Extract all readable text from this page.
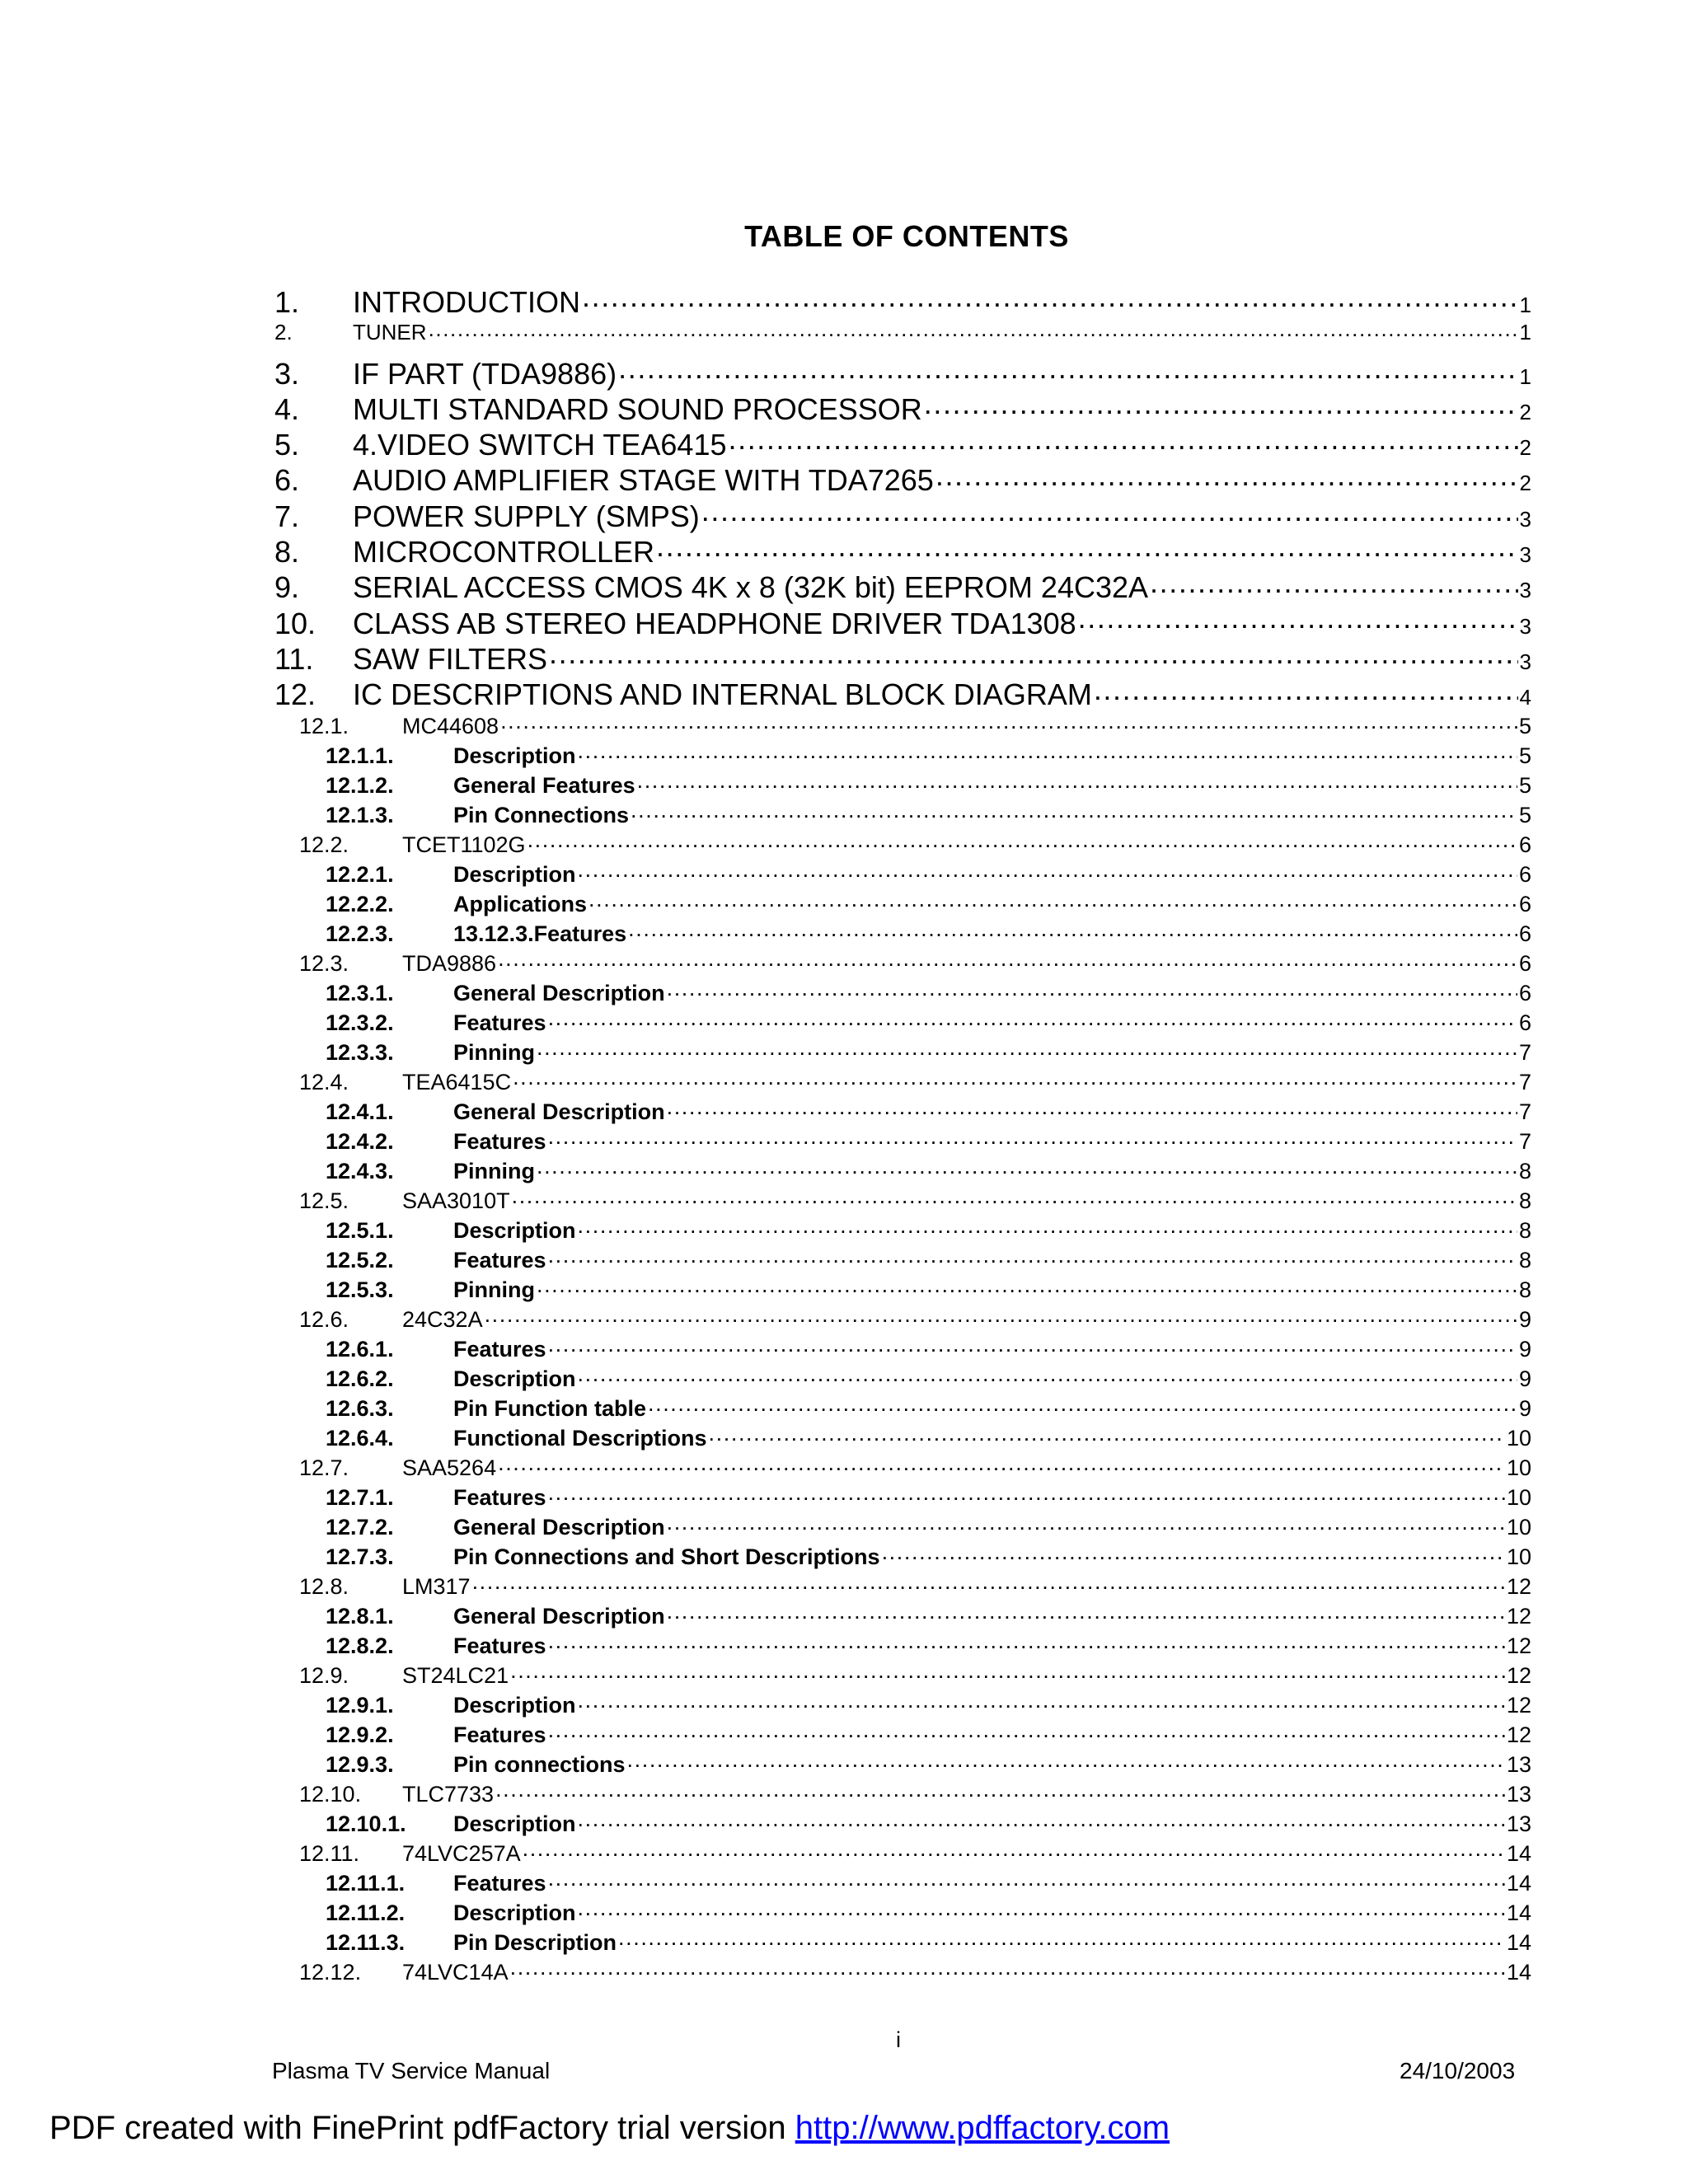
TABLE OF CONTENTS
1.	INTRODUCTION .....	1
2.	TUNER .....	1
3.	IF PART (TDA9886) .....	1
4.	MULTI STANDARD SOUND PROCESSOR .....	2
5.	4.VIDEO SWITCH TEA6415 .....	2
6.	AUDIO AMPLIFIER STAGE WITH TDA7265 .....	2
7.	POWER SUPPLY (SMPS) .....	3
8.	MICROCONTROLLER .....	3
9.	SERIAL ACCESS CMOS 4K x 8 (32K bit) EEPROM 24C32A .....	3
10.	CLASS AB STEREO HEADPHONE DRIVER TDA1308 .....	3
11.	SAW FILTERS .....	3
12.	IC DESCRIPTIONS AND INTERNAL BLOCK DIAGRAM .....	4
12.1.	MC44608 .....	5
12.1.1.	Description .....	5
12.1.2.	General Features .....	5
12.1.3.	Pin Connections .....	5
12.2.	TCET1102G .....	6
12.2.1.	Description .....	6
12.2.2.	Applications .....	6
12.2.3.	13.12.3.Features .....	6
12.3.	TDA9886 .....	6
12.3.1.	General Description .....	6
12.3.2.	Features .....	6
12.3.3.	Pinning .....	7
12.4.	TEA6415C .....	7
12.4.1.	General Description .....	7
12.4.2.	Features .....	7
12.4.3.	Pinning .....	8
12.5.	SAA3010T .....	8
12.5.1.	Description .....	8
12.5.2.	Features .....	8
12.5.3.	Pinning .....	8
12.6.	24C32A .....	9
12.6.1.	Features .....	9
12.6.2.	Description .....	9
12.6.3.	Pin Function table .....	9
12.6.4.	Functional Descriptions .....	10
12.7.	SAA5264 .....	10
12.7.1.	Features .....	10
12.7.2.	General Description .....	10
12.7.3.	Pin Connections and Short Descriptions .....	10
12.8.	LM317 .....	12
12.8.1.	General Description .....	12
12.8.2.	Features .....	12
12.9.	ST24LC21 .....	12
12.9.1.	Description .....	12
12.9.2.	Features .....	12
12.9.3.	Pin connections .....	13
12.10.	TLC7733 .....	13
12.10.1.	Description .....	13
12.11.	74LVC257A .....	14
12.11.1.	Features .....	14
12.11.2.	Description .....	14
12.11.3.	Pin Description .....	14
12.12.	74LVC14A .....	14
i
Plasma TV Service Manual	24/10/2003
PDF created with FinePrint pdfFactory trial version http://www.pdffactory.com
